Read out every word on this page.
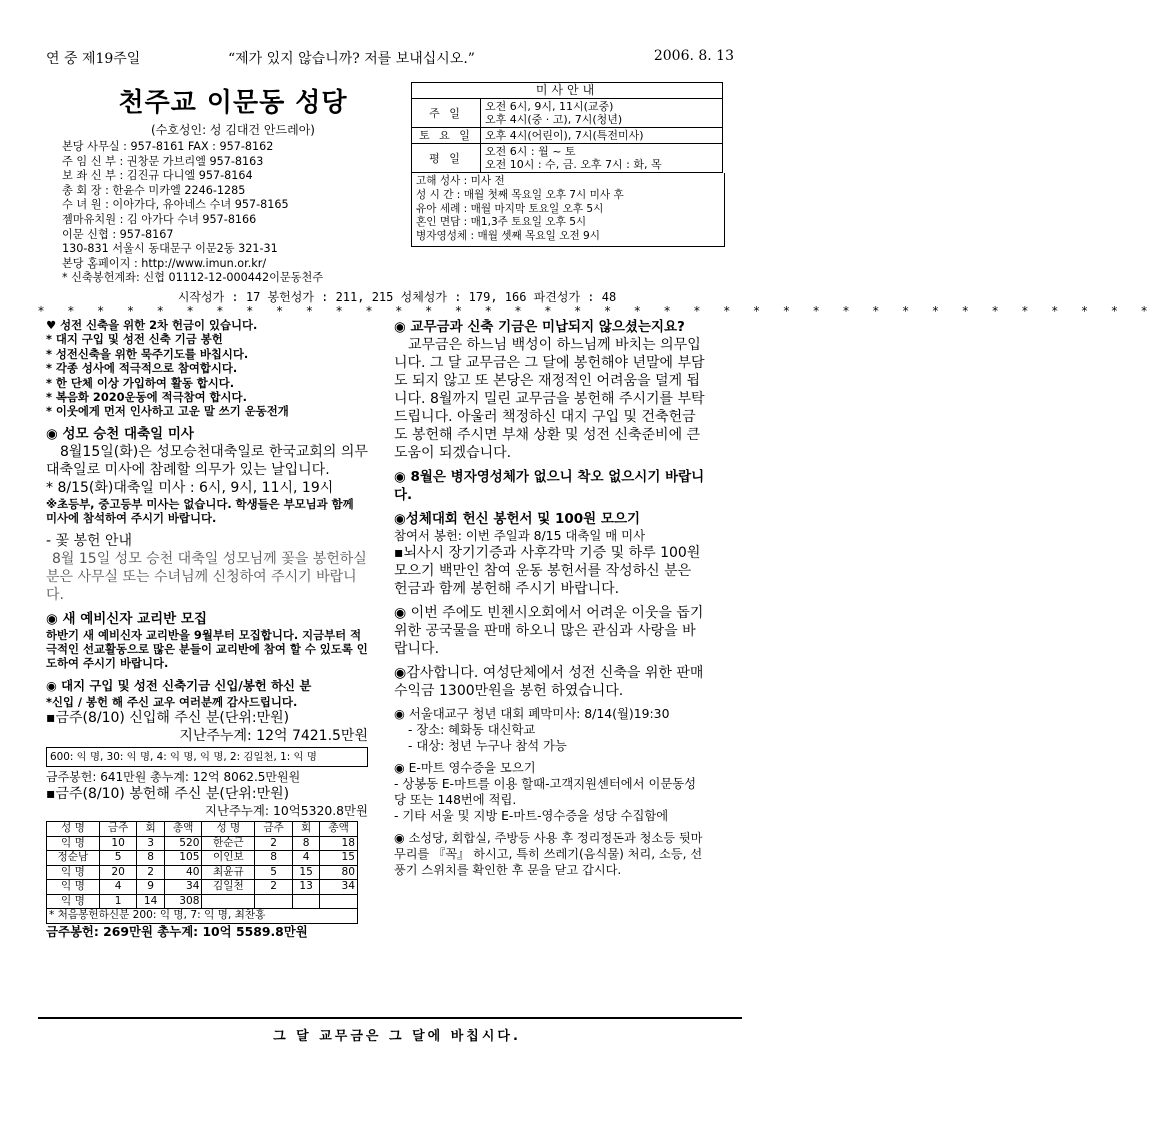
연 중 제19주일	“제가 있지 않습니까? 저를 보내십시오.”	2006. 8. 13
천주교 이문동 성당
(수호성인: 성 김대건 안드레아)
본당 사무실 : 957-8161 FAX : 957-8162
주 임 신 부 : 권창문 가브리엘 957-8163
보 좌 신 부 : 김진규 다니엘 957-8164
총 회 장 : 한윤수 미카엘 2246-1285
수 녀 원 : 이아가다, 유아네스 수녀 957-8165
젬마유치원 : 김 아가다 수녀 957-8166
이문 신협 : 957-8167
130-831 서울시 동대문구 이문2동 321-31
본당 홈페이지 : http://www.imun.or.kr/
* 신축봉헌계좌: 신협 01112-12-000442이문동천주
미사안내	
주 일	오전 6시, 9시, 11시(교중)
오후 4시(중 · 고), 7시(청년)

토 요 일	오후 4시(어린이), 7시(특전미사)

평 일	오전 6시 : 월 ~ 토
오전 10시 : 수, 금. 오후 7시 : 화, 목
고해 성사 : 미사 전
성 시 간 : 매월 첫째 목요일 오후 7시 미사 후
유아 세례 : 매월 마지막 토요일 오후 5시
혼인 면담 : 매1,3주 토요일 오후 5시
병자영성체 : 매월 셋째 목요일 오전 9시
시작성가 : 17 봉헌성가 : 211, 215 성체성가 : 179, 166 파견성가 : 48
* * * * * * * * * * * * * * * * * * * * * * * * * * * * * * * * * * * * * *
♥ 성전 신축을 위한 2차 헌금이 있습니다.
* 대지 구입 및 성전 신축 기금 봉헌
* 성전신축을 위한 묵주기도를 바칩시다.
* 각종 성사에 적극적으로 참여합시다.
* 한 단체 이상 가입하여 활동 합시다.
* 복음화 2020운동에 적극참여 합시다.
* 이웃에게 먼저 인사하고 고운 말 쓰기 운동전개
◉ 성모 승천 대축일 미사

8월15일(화)은 성모승천대축일로 한국교회의 의무 대축일로 미사에 참례할 의무가 있는 날입니다.

* 8/15(화)대축일 미사 : 6시, 9시, 11시, 19시

※초등부, 중고등부 미사는 없습니다. 학생들은 부모님과 함께 미사에 참석하여 주시기 바랍니다.

- 꽃 봉헌 안내

8월 15일 성모 승천 대축일 성모님께 꽃을 봉헌하실 분은 사무실 또는 수녀님께 신청하여 주시기 바랍니다.

◉ 새 예비신자 교리반 모집

하반기 새 예비신자 교리반을 9월부터 모집합니다. 지금부터 적극적인 선교활동으로 많은 분들이 교리반에 참여 할 수 있도록 인도하여 주시기 바랍니다.

◉ 대지 구입 및 성전 신축기금 신입/봉헌 하신 분
*신입 / 봉헌 해 주신 교우 여러분께 감사드립니다.
▪금주(8/10) 신입해 주신 분(단위:만원)
지난주누계: 12억 7421.5만원
600: 익 명, 30: 익 명, 4: 익 명, 익 명, 2: 김일천, 1: 익 명
금주봉헌: 641만원 총누계: 12억 8062.5만원원
▪금주(8/10) 봉헌해 주신 분(단위:만원)
지난주누계: 10억5320.8만원
성 명	금주	회	총액	성 명	금주	회	총액
익 명	10	3	520	한순근	2	8	18
정순남	5	8	105	이인보	8	4	15
익 명	20	2	40	최윤규	5	15	80
익 명	4	9	34	김일천	2	13	34
익 명	1	14	308				
* 처음봉헌하신분 200: 익 명, 7: 익 명, 최찬홍							
금주봉헌: 269만원 총누계: 10억 5589.8만원
◉ 교무금과 신축 기금은 미납되지 않으셨는지요?

교무금은 하느님 백성이 하느님께 바치는 의무입니다. 그 달 교무금은 그 달에 봉헌해야 년말에 부담도 되지 않고 또 본당은 재정적인 어려움을 덜게 됩니다. 8월까지 밀린 교무금을 봉헌해 주시기를 부탁드립니다. 아울러 책정하신 대지 구입 및 건축헌금도 봉헌해 주시면 부채 상환 및 성전 신축준비에 큰 도움이 되겠습니다.

◉ 8월은 병자영성체가 없으니 착오 없으시기 바랍니다.
◉성체대회 헌신 봉헌서 및 100원 모으기

참여서 봉헌: 이번 주일과 8/15 대축일 매 미사

▪뇌사시 장기기증과 사후각막 기증 및 하루 100원 모으기 백만인 참여 운동 봉헌서를 작성하신 분은 헌금과 함께 봉헌해 주시기 바랍니다.

◉ 이번 주에도 빈첸시오회에서 어려운 이웃을 돕기위한 공국물을 판매 하오니 많은 관심과 사랑을 바랍니다.
◉감사합니다. 여성단체에서 성전 신축을 위한 판매 수익금 1300만원을 봉헌 하였습니다.
◉ 서울대교구 청년 대회 폐막미사: 8/14(월)19:30
- 장소: 혜화동 대신학교
- 대상: 청년 누구나 참석 가능
◉ E-마트 영수증을 모으기

- 상봉동 E-마트를 이용 할때-고객지원센터에서 이문동성당 또는 148번에 적립.

- 기타 서울 및 지방 E-마트-영수증을 성당 수집함에

◉ 소성당, 회합실, 주방등 사용 후 정리정돈과 청소등 뒷마무리를 『꼭』 하시고, 특히 쓰레기(음식물) 처리, 소등, 선풍기 스위치를 확인한 후 문을 닫고 갑시다.
그 달 교무금은 그 달에 바칩시다.
